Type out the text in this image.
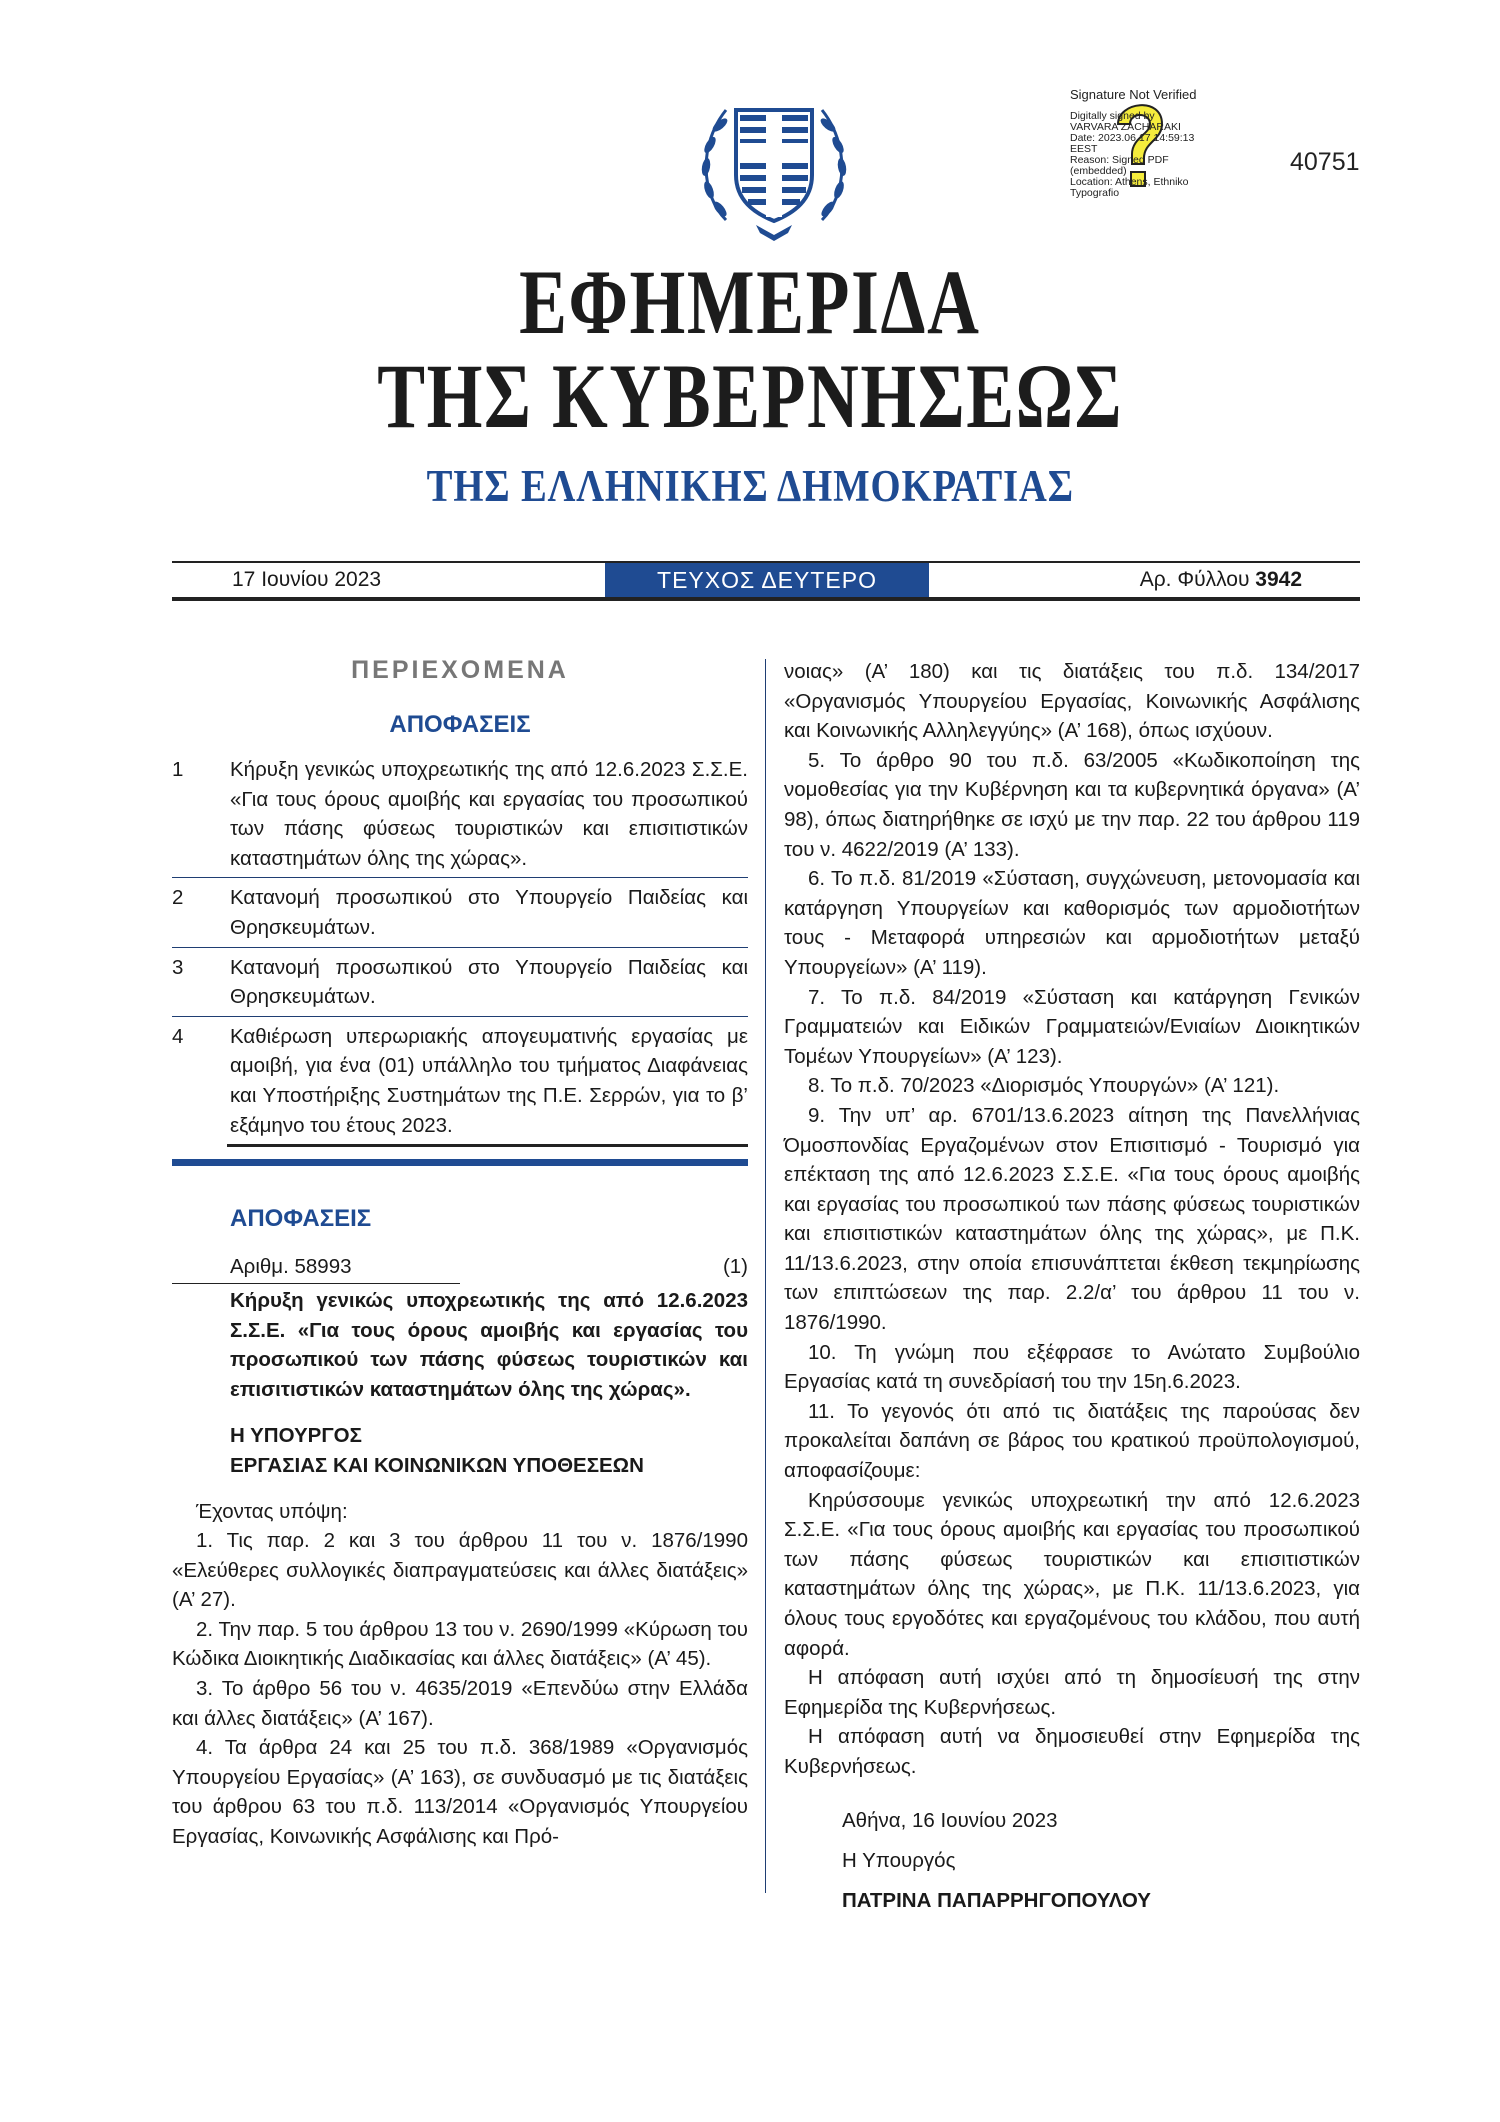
Signature Not Verified
Digitally signed by
VARVARA ZACHARAKI
Date: 2023.06.17 14:59:13
EEST
Reason: Signed PDF
(embedded)
Location: Athens, Ethniko
Typografio
40751
ΕΦΗΜΕΡΙΔΑ
ΤΗΣ ΚΥΒΕΡΝΗΣΕΩΣ
ΤΗΣ ΕΛΛΗΝΙΚΗΣ ΔΗΜΟΚΡΑΤΙΑΣ
17 Ιουνίου 2023	ΤΕΥΧΟΣ ΔΕΥΤΕΡΟ	Αρ. Φύλλου 3942
ΠΕΡΙΕΧΟΜΕΝΑ
ΑΠΟΦΑΣΕΙΣ
1	Κήρυξη γενικώς υποχρεωτικής της από 12.6.2023 Σ.Σ.Ε. «Για τους όρους αμοιβής και εργασίας του προσωπικού των πάσης φύσεως τουριστικών και επισιτιστικών καταστημάτων όλης της χώρας».
2	Κατανομή προσωπικού στο Υπουργείο Παιδείας και Θρησκευμάτων.
3	Κατανομή προσωπικού στο Υπουργείο Παιδείας και Θρησκευμάτων.
4	Καθιέρωση υπερωριακής απογευματινής εργασίας με αμοιβή, για ένα (01) υπάλληλο του τμήματος Διαφάνειας και Υποστήριξης Συστημάτων της Π.Ε. Σερρών, για το β’ εξάμηνο του έτους 2023.
ΑΠΟΦΑΣΕΙΣ
Αριθμ. 58993	(1)
Κήρυξη γενικώς υποχρεωτικής της από 12.6.2023 Σ.Σ.Ε. «Για τους όρους αμοιβής και εργασίας του προσωπικού των πάσης φύσεως τουριστικών και επισιτιστικών καταστημάτων όλης της χώρας».
Η ΥΠΟΥΡΓΟΣ
ΕΡΓΑΣΙΑΣ ΚΑΙ ΚΟΙΝΩΝΙΚΩΝ ΥΠΟΘΕΣΕΩΝ

Έχοντας υπόψη:

1. Τις παρ. 2 και 3 του άρθρου 11 του ν. 1876/1990 «Ελεύθερες συλλογικές διαπραγματεύσεις και άλλες διατάξεις» (Α’ 27).

2. Την παρ. 5 του άρθρου 13 του ν. 2690/1999 «Κύρωση του Κώδικα Διοικητικής Διαδικασίας και άλλες διατάξεις» (Α’ 45).

3. Το άρθρο 56 του ν. 4635/2019 «Επενδύω στην Ελλάδα και άλλες διατάξεις» (Α’ 167).

4. Τα άρθρα 24 και 25 του π.δ. 368/1989 «Οργανισμός Υπουργείου Εργασίας» (Α’ 163), σε συνδυασμό με τις διατάξεις του άρθρου 63 του π.δ. 113/2014 «Οργανισμός Υπουργείου Εργασίας, Κοινωνικής Ασφάλισης και Πρό-

νοιας» (Α’ 180) και τις διατάξεις του π.δ. 134/2017 «Οργανισμός Υπουργείου Εργασίας, Κοινωνικής Ασφάλισης και Κοινωνικής Αλληλεγγύης» (Α’ 168), όπως ισχύουν.

5. Το άρθρο 90 του π.δ. 63/2005 «Κωδικοποίηση της νομοθεσίας για την Κυβέρνηση και τα κυβερνητικά όργανα» (Α’ 98), όπως διατηρήθηκε σε ισχύ με την παρ. 22 του άρθρου 119 του ν. 4622/2019 (Α’ 133).

6. Το π.δ. 81/2019 «Σύσταση, συγχώνευση, μετονομασία και κατάργηση Υπουργείων και καθορισμός των αρμοδιοτήτων τους - Μεταφορά υπηρεσιών και αρμοδιοτήτων μεταξύ Υπουργείων» (Α’ 119).

7. Το π.δ. 84/2019 «Σύσταση και κατάργηση Γενικών Γραμματειών και Ειδικών Γραμματειών/Ενιαίων Διοικητικών Τομέων Υπουργείων» (Α’ 123).

8. Το π.δ. 70/2023 «Διορισμός Υπουργών» (Α’ 121).

9. Την υπ’ αρ. 6701/13.6.2023 αίτηση της Πανελλήνιας Όμοσπονδίας Εργαζομένων στον Επισιτισμό - Τουρισμό για επέκταση της από 12.6.2023 Σ.Σ.Ε. «Για τους όρους αμοιβής και εργασίας του προσωπικού των πάσης φύσεως τουριστικών και επισιτιστικών καταστημάτων όλης της χώρας», με Π.Κ. 11/13.6.2023, στην οποία επισυνάπτεται έκθεση τεκμηρίωσης των επιπτώσεων της παρ. 2.2/α’ του άρθρου 11 του ν. 1876/1990.

10. Τη γνώμη που εξέφρασε το Ανώτατο Συμβούλιο Εργασίας κατά τη συνεδρίασή του την 15η.6.2023.

11. Το γεγονός ότι από τις διατάξεις της παρούσας δεν προκαλείται δαπάνη σε βάρος του κρατικού προϋπολογισμού, αποφασίζουμε:

Κηρύσσουμε γενικώς υποχρεωτική την από 12.6.2023 Σ.Σ.Ε. «Για τους όρους αμοιβής και εργασίας του προσωπικού των πάσης φύσεως τουριστικών και επισιτιστικών καταστημάτων όλης της χώρας», με Π.Κ. 11/13.6.2023, για όλους τους εργοδότες και εργαζομένους του κλάδου, που αυτή αφορά.

Η απόφαση αυτή ισχύει από τη δημοσίευσή της στην Εφημερίδα της Κυβερνήσεως.

Η απόφαση αυτή να δημοσιευθεί στην Εφημερίδα της Κυβερνήσεως.

Αθήνα, 16 Ιουνίου 2023
Η Υπουργός
ΠΑΤΡΙΝΑ ΠΑΠΑΡΡΗΓΟΠΟΥΛΟΥ
